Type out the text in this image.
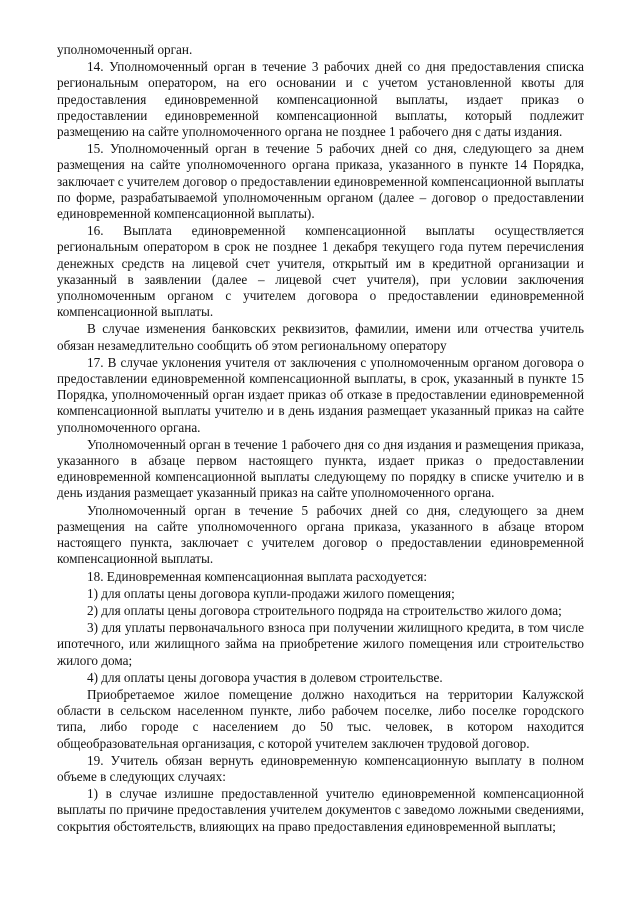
уполномоченный орган.

14. Уполномоченный орган в течение 3 рабочих дней со дня предоставления списка региональным оператором, на его основании и с учетом установленной квоты для предоставления единовременной компенсационной выплаты, издает приказ о предоставлении единовременной компенсационной выплаты, который подлежит размещению на сайте уполномоченного органа не позднее 1 рабочего дня с даты издания.

15. Уполномоченный орган в течение 5 рабочих дней со дня, следующего за днем размещения на сайте уполномоченного органа приказа, указанного в пункте 14 Порядка, заключает с учителем договор о предоставлении единовременной компенсационной выплаты по форме, разрабатываемой уполномоченным органом (далее – договор о предоставлении единовременной компенсационной выплаты).

16. Выплата единовременной компенсационной выплаты осуществляется региональным оператором в срок не позднее 1 декабря текущего года путем перечисления денежных средств на лицевой счет учителя, открытый им в кредитной организации и указанный в заявлении (далее – лицевой счет учителя), при условии заключения уполномоченным органом с учителем договора о предоставлении единовременной компенсационной выплаты.

В случае изменения банковских реквизитов, фамилии, имени или отчества учитель обязан незамедлительно сообщить об этом региональному оператору

17. В случае уклонения учителя от заключения с уполномоченным органом договора о предоставлении единовременной компенсационной выплаты, в срок, указанный в пункте 15 Порядка, уполномоченный орган издает приказ об отказе в предоставлении единовременной компенсационной выплаты учителю и в день издания размещает указанный приказ на сайте уполномоченного органа.

Уполномоченный орган в течение 1 рабочего дня со дня издания и размещения приказа, указанного в абзаце первом настоящего пункта, издает приказ о предоставлении единовременной компенсационной выплаты следующему по порядку в списке учителю и в день издания размещает указанный приказ на сайте уполномоченного органа.

Уполномоченный орган в течение 5 рабочих дней со дня, следующего за днем размещения на сайте уполномоченного органа приказа, указанного в абзаце втором настоящего пункта, заключает с учителем договор о предоставлении единовременной компенсационной выплаты.

18. Единовременная компенсационная выплата расходуется:

1) для оплаты цены договора купли-продажи жилого помещения;

2) для оплаты цены договора строительного подряда на строительство жилого дома;

3) для уплаты первоначального взноса при получении жилищного кредита, в том числе ипотечного, или жилищного займа на приобретение жилого помещения или строительство жилого дома;

4) для оплаты цены договора участия в долевом строительстве.

Приобретаемое жилое помещение должно находиться на территории Калужской области в сельском населенном пункте, либо рабочем поселке, либо поселке городского типа, либо городе с населением до 50 тыс. человек, в котором находится общеобразовательная организация, с которой учителем заключен трудовой договор.

19. Учитель обязан вернуть единовременную компенсационную выплату в полном объеме в следующих случаях:

1) в случае излишне предоставленной учителю единовременной компенсационной выплаты по причине предоставления учителем документов с заведомо ложными сведениями, сокрытия обстоятельств, влияющих на право предоставления единовременной выплаты;
